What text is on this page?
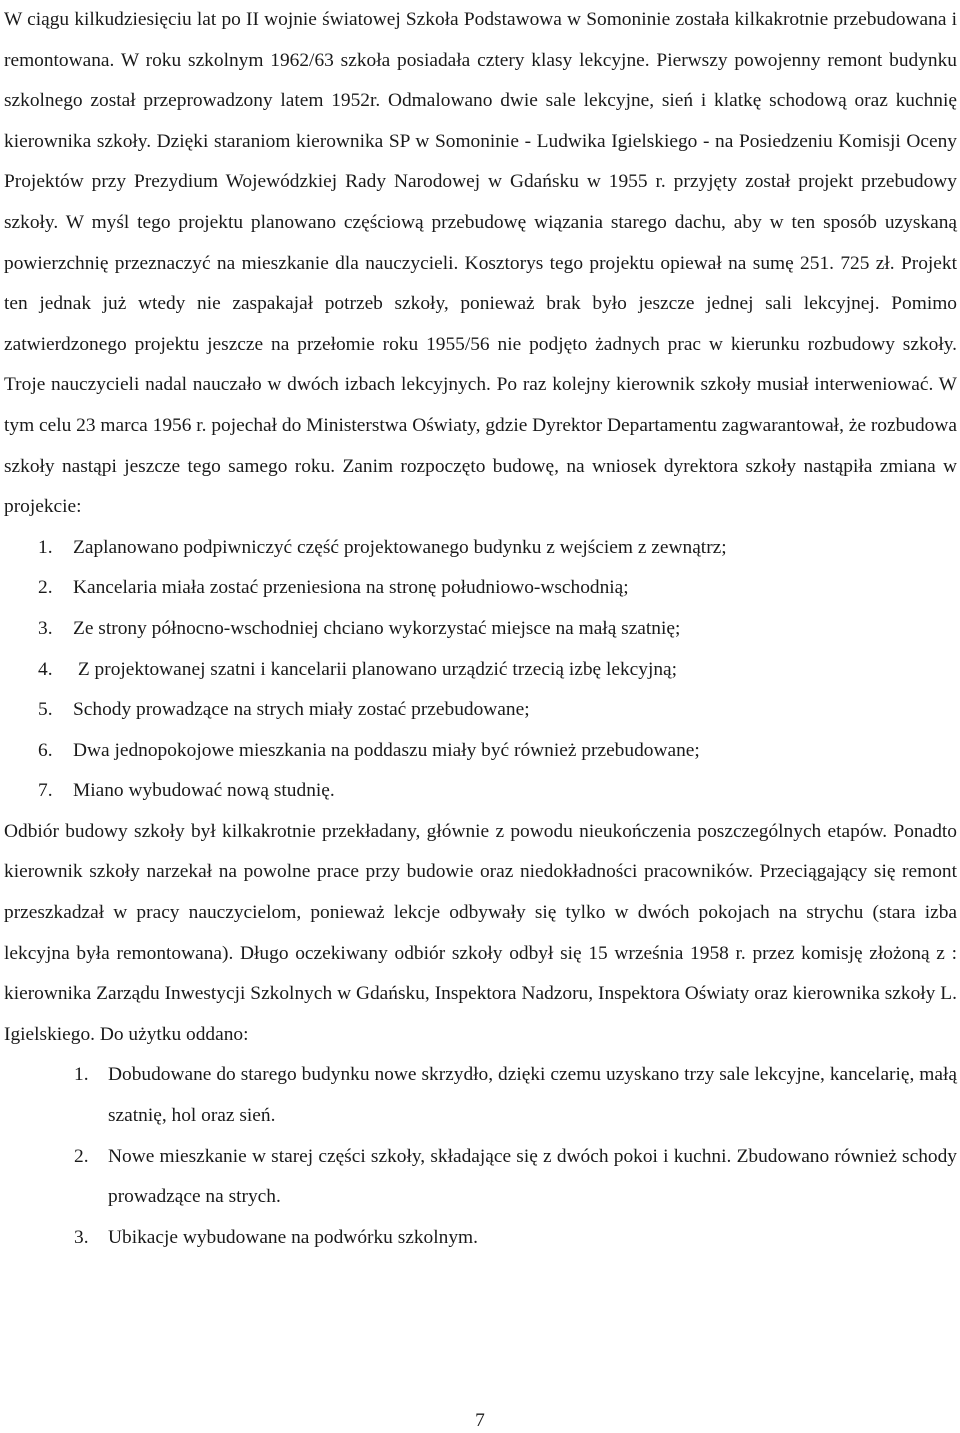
W ciągu kilkudziesięciu lat po II wojnie światowej Szkoła Podstawowa w Somoninie została kilkakrotnie przebudowana i remontowana. W roku szkolnym 1962/63 szkoła posiadała cztery klasy lekcyjne. Pierwszy powojenny remont budynku szkolnego został przeprowadzony latem 1952r. Odmalowano dwie sale lekcyjne, sień i klatkę schodową oraz kuchnię kierownika szkoły. Dzięki staraniom kierownika SP w Somoninie - Ludwika Igielskiego - na Posiedzeniu Komisji Oceny Projektów przy Prezydium Wojewódzkiej Rady Narodowej w Gdańsku w 1955 r. przyjęty został projekt przebudowy szkoły. W myśl tego projektu planowano częściową przebudowę wiązania starego dachu, aby w ten sposób uzyskaną powierzchnię przeznaczyć na mieszkanie dla nauczycieli. Kosztorys tego projektu opiewał na sumę 251. 725 zł. Projekt ten jednak już wtedy nie zaspakajał potrzeb szkoły, ponieważ brak było jeszcze jednej sali lekcyjnej. Pomimo zatwierdzonego projektu jeszcze na przełomie roku 1955/56 nie podjęto żadnych prac w kierunku rozbudowy szkoły. Troje nauczycieli nadal nauczało w dwóch izbach lekcyjnych. Po raz kolejny kierownik szkoły musiał interweniować. W tym celu 23 marca 1956 r. pojechał do Ministerstwa Oświaty, gdzie Dyrektor Departamentu zagwarantował, że rozbudowa szkoły nastąpi jeszcze tego samego roku. Zanim rozpoczęto budowę, na wniosek dyrektora szkoły nastąpiła zmiana w projekcie:

1. Zaplanowano podpiwniczyć część projektowanego budynku z wejściem z zewnątrz;
2. Kancelaria miała zostać przeniesiona na stronę południowo-wschodnią;
3. Ze strony północno-wschodniej chciano wykorzystać miejsce na małą szatnię;
4. Z projektowanej szatni i kancelarii planowano urządzić trzecią izbę lekcyjną;
5. Schody prowadzące na strych miały zostać przebudowane;
6. Dwa jednopokojowe mieszkania na poddaszu miały być również przebudowane;
7. Miano wybudować nową studnię.

Odbiór budowy szkoły był kilkakrotnie przekładany, głównie z powodu nieukończenia poszczególnych etapów. Ponadto kierownik szkoły narzekał na powolne prace przy budowie oraz niedokładności pracowników. Przeciągający się remont przeszkadzał w pracy nauczycielom, ponieważ lekcje odbywały się tylko w dwóch pokojach na strychu (stara izba lekcyjna była remontowana). Długo oczekiwany odbiór szkoły odbył się 15 września 1958 r. przez komisję złożoną z : kierownika Zarządu Inwestycji Szkolnych w Gdańsku, Inspektora Nadzoru, Inspektora Oświaty oraz kierownika szkoły L. Igielskiego. Do użytku oddano:

1. Dobudowane do starego budynku nowe skrzydło, dzięki czemu uzyskano trzy sale lekcyjne, kancelarię, małą szatnię, hol oraz sień.
2. Nowe mieszkanie w starej części szkoły, składające się z dwóch pokoi i kuchni. Zbudowano również schody prowadzące na strych.
3. Ubikacje wybudowane na podwórku szkolnym.
7
